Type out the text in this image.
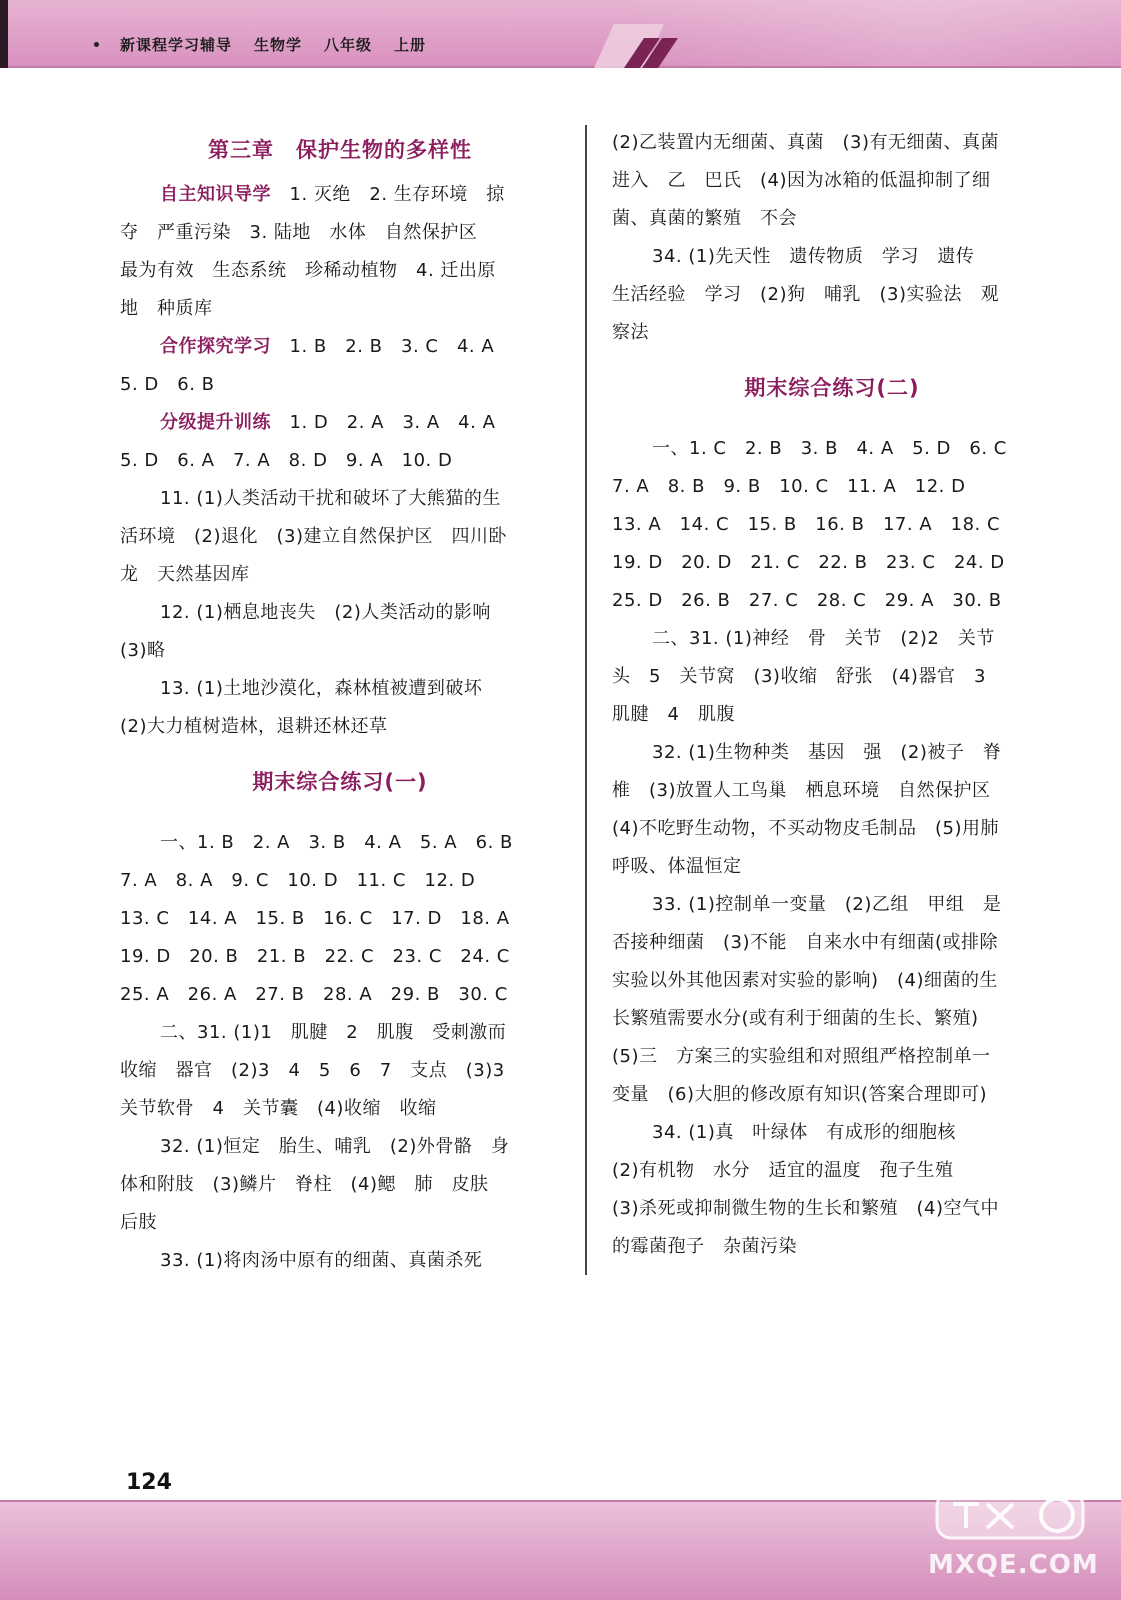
新课程学习辅导 生物学 八年级 上册

第三章　保护生物的多样性

自主知识导学　 1. 灭绝　2. 生存环境　掠

夺　严重污染　3. 陆地　水体　自然保护区

最为有效　生态系统　珍稀动植物　4. 迁出原

地　种质库

合作探究学习　 1. B　2. B　3. C　4. A

5. D　6. B

分级提升训练　 1. D　2. A　3. A　4. A

5. D　6. A　7. A　8. D　9. A　10. D

11. (1)人类活动干扰和破坏了大熊猫的生

活环境　(2)退化　(3)建立自然保护区　四川卧

龙　天然基因库

12. (1)栖息地丧失　(2)人类活动的影响

(3)略

13. (1)土地沙漠化，森林植被遭到破坏

(2)大力植树造林，退耕还林还草

期末综合练习(一)

一、1. B　2. A　3. B　4. A　5. A　6. B

7. A　8. A　9. C　10. D　11. C　12. D

13. C　14. A　15. B　16. C　17. D　18. A

19. D　20. B　21. B　22. C　23. C　24. C

25. A　26. A　27. B　28. A　29. B　30. C

二、31. (1)1　肌腱　2　肌腹　受刺激而

收缩　器官　(2)3　4　5　6　7　支点　(3)3

关节软骨　4　关节囊　(4)收缩　收缩

32. (1)恒定　胎生、哺乳　(2)外骨骼　身

体和附肢　(3)鳞片　脊柱　(4)鳃　肺　皮肤

后肢

33. (1)将肉汤中原有的细菌、真菌杀死

(2)乙装置内无细菌、真菌　(3)有无细菌、真菌

进入　乙　巴氏　(4)因为冰箱的低温抑制了细

菌、真菌的繁殖　不会

34. (1)先天性　遗传物质　学习　遗传

生活经验　学习　(2)狗　哺乳　(3)实验法　观

察法

期末综合练习(二)

一、1. C　2. B　3. B　4. A　5. D　6. C

7. A　8. B　9. B　10. C　11. A　12. D

13. A　14. C　15. B　16. B　17. A　18. C

19. D　20. D　21. C　22. B　23. C　24. D

25. D　26. B　27. C　28. C　29. A　30. B

二、31. (1)神经　骨　关节　(2)2　关节

头　5　关节窝　(3)收缩　舒张　(4)器官　3

肌腱　4　肌腹

32. (1)生物种类　基因　强　(2)被子　脊

椎　(3)放置人工鸟巢　栖息环境　自然保护区

(4)不吃野生动物，不买动物皮毛制品　(5)用肺

呼吸、体温恒定

33. (1)控制单一变量　(2)乙组　甲组　是

否接种细菌　(3)不能　自来水中有细菌(或排除

实验以外其他因素对实验的影响)　(4)细菌的生

长繁殖需要水分(或有利于细菌的生长、繁殖)

(5)三　方案三的实验组和对照组严格控制单一

变量　(6)大胆的修改原有知识(答案合理即可)

34. (1)真　叶绿体　有成形的细胞核

(2)有机物　水分　适宜的温度　孢子生殖

(3)杀死或抑制微生物的生长和繁殖　(4)空气中

的霉菌孢子　杂菌污染

124
MXQE.COM
